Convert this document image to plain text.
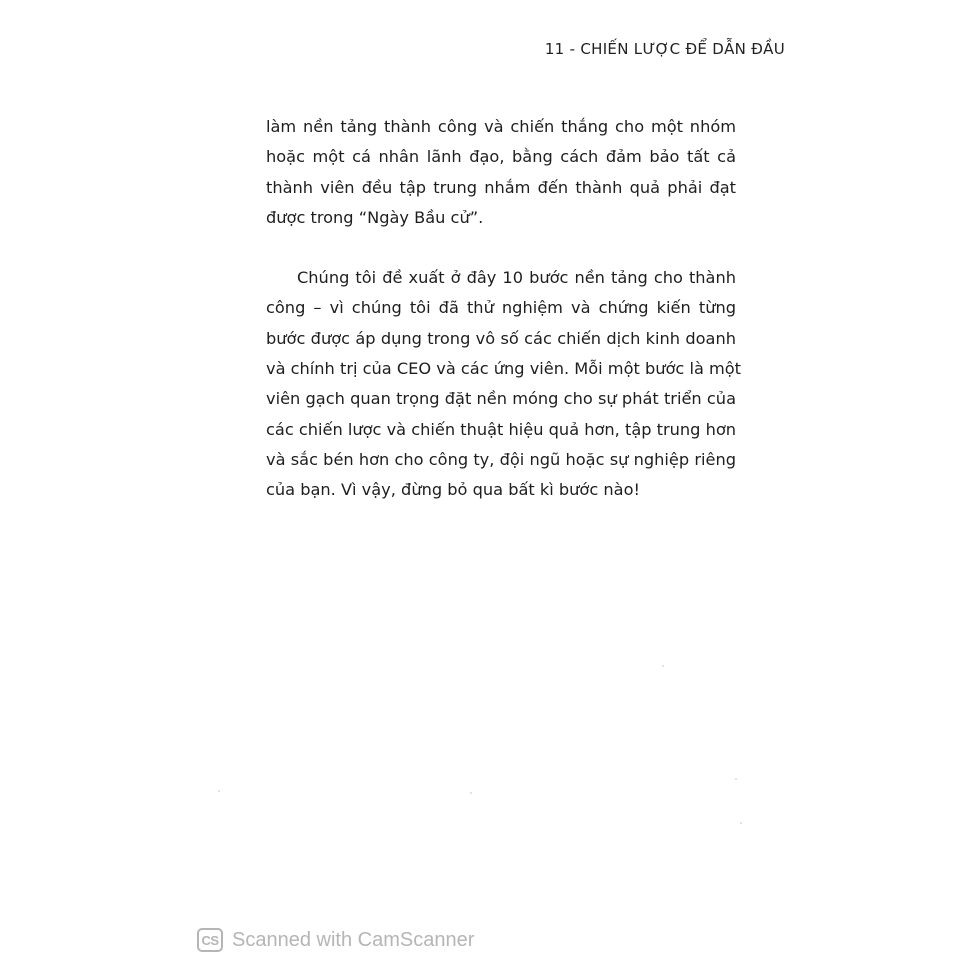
11 - CHIẾN LƯỢC ĐỂ DẪN ĐẦU

làm nền tảng thành công và chiến thắng cho một nhóm
hoặc một cá nhân lãnh đạo, bằng cách đảm bảo tất cả
thành viên đều tập trung nhắm đến thành quả phải đạt
được trong “Ngày Bầu cử”.

Chúng tôi đề xuất ở đây 10 bước nền tảng cho thành
công – vì chúng tôi đã thử nghiệm và chứng kiến từng
bước được áp dụng trong vô số các chiến dịch kinh doanh
và chính trị của CEO và các ứng viên. Mỗi một bước là một
viên gạch quan trọng đặt nền móng cho sự phát triển của
các chiến lược và chiến thuật hiệu quả hơn, tập trung hơn
và sắc bén hơn cho công ty, đội ngũ hoặc sự nghiệp riêng
của bạn. Vì vậy, đừng bỏ qua bất kì bước nào!

CS Scanned with CamScanner
